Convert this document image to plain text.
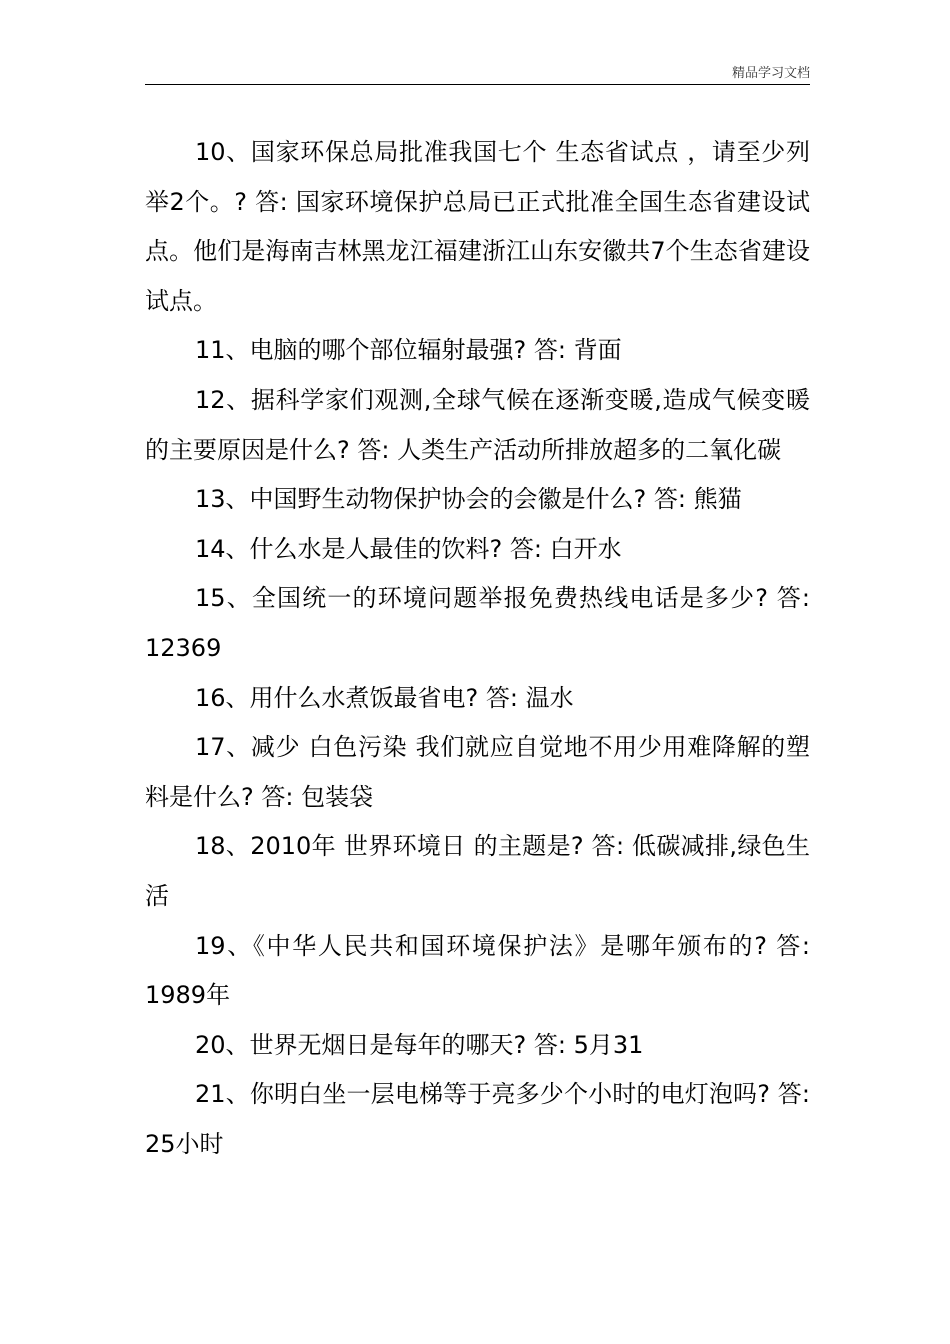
精品学习文档

10、国家环保总局批准我国七个 生态省试点 ，请至少列举2个。? 答: 国家环境保护总局已正式批准全国生态省建设试点。他们是海南吉林黑龙江福建浙江山东安徽共7个生态省建设试点。

11、电脑的哪个部位辐射最强? 答: 背面

12、据科学家们观测,全球气候在逐渐变暖,造成气候变暖的主要原因是什么? 答: 人类生产活动所排放超多的二氧化碳

13、中国野生动物保护协会的会徽是什么? 答: 熊猫

14、什么水是人最佳的饮料? 答: 白开水

15、全国统一的环境问题举报免费热线电话是多少? 答: 12369

16、用什么水煮饭最省电? 答: 温水

17、减少 白色污染 我们就应自觉地不用少用难降解的塑料是什么? 答: 包装袋

18、2010年 世界环境日 的主题是? 答: 低碳减排,绿色生活

19、《中华人民共和国环境保护法》是哪年颁布的? 答: 1989年

20、世界无烟日是每年的哪天? 答: 5月31

21、你明白坐一层电梯等于亮多少个小时的电灯泡吗? 答: 25小时
